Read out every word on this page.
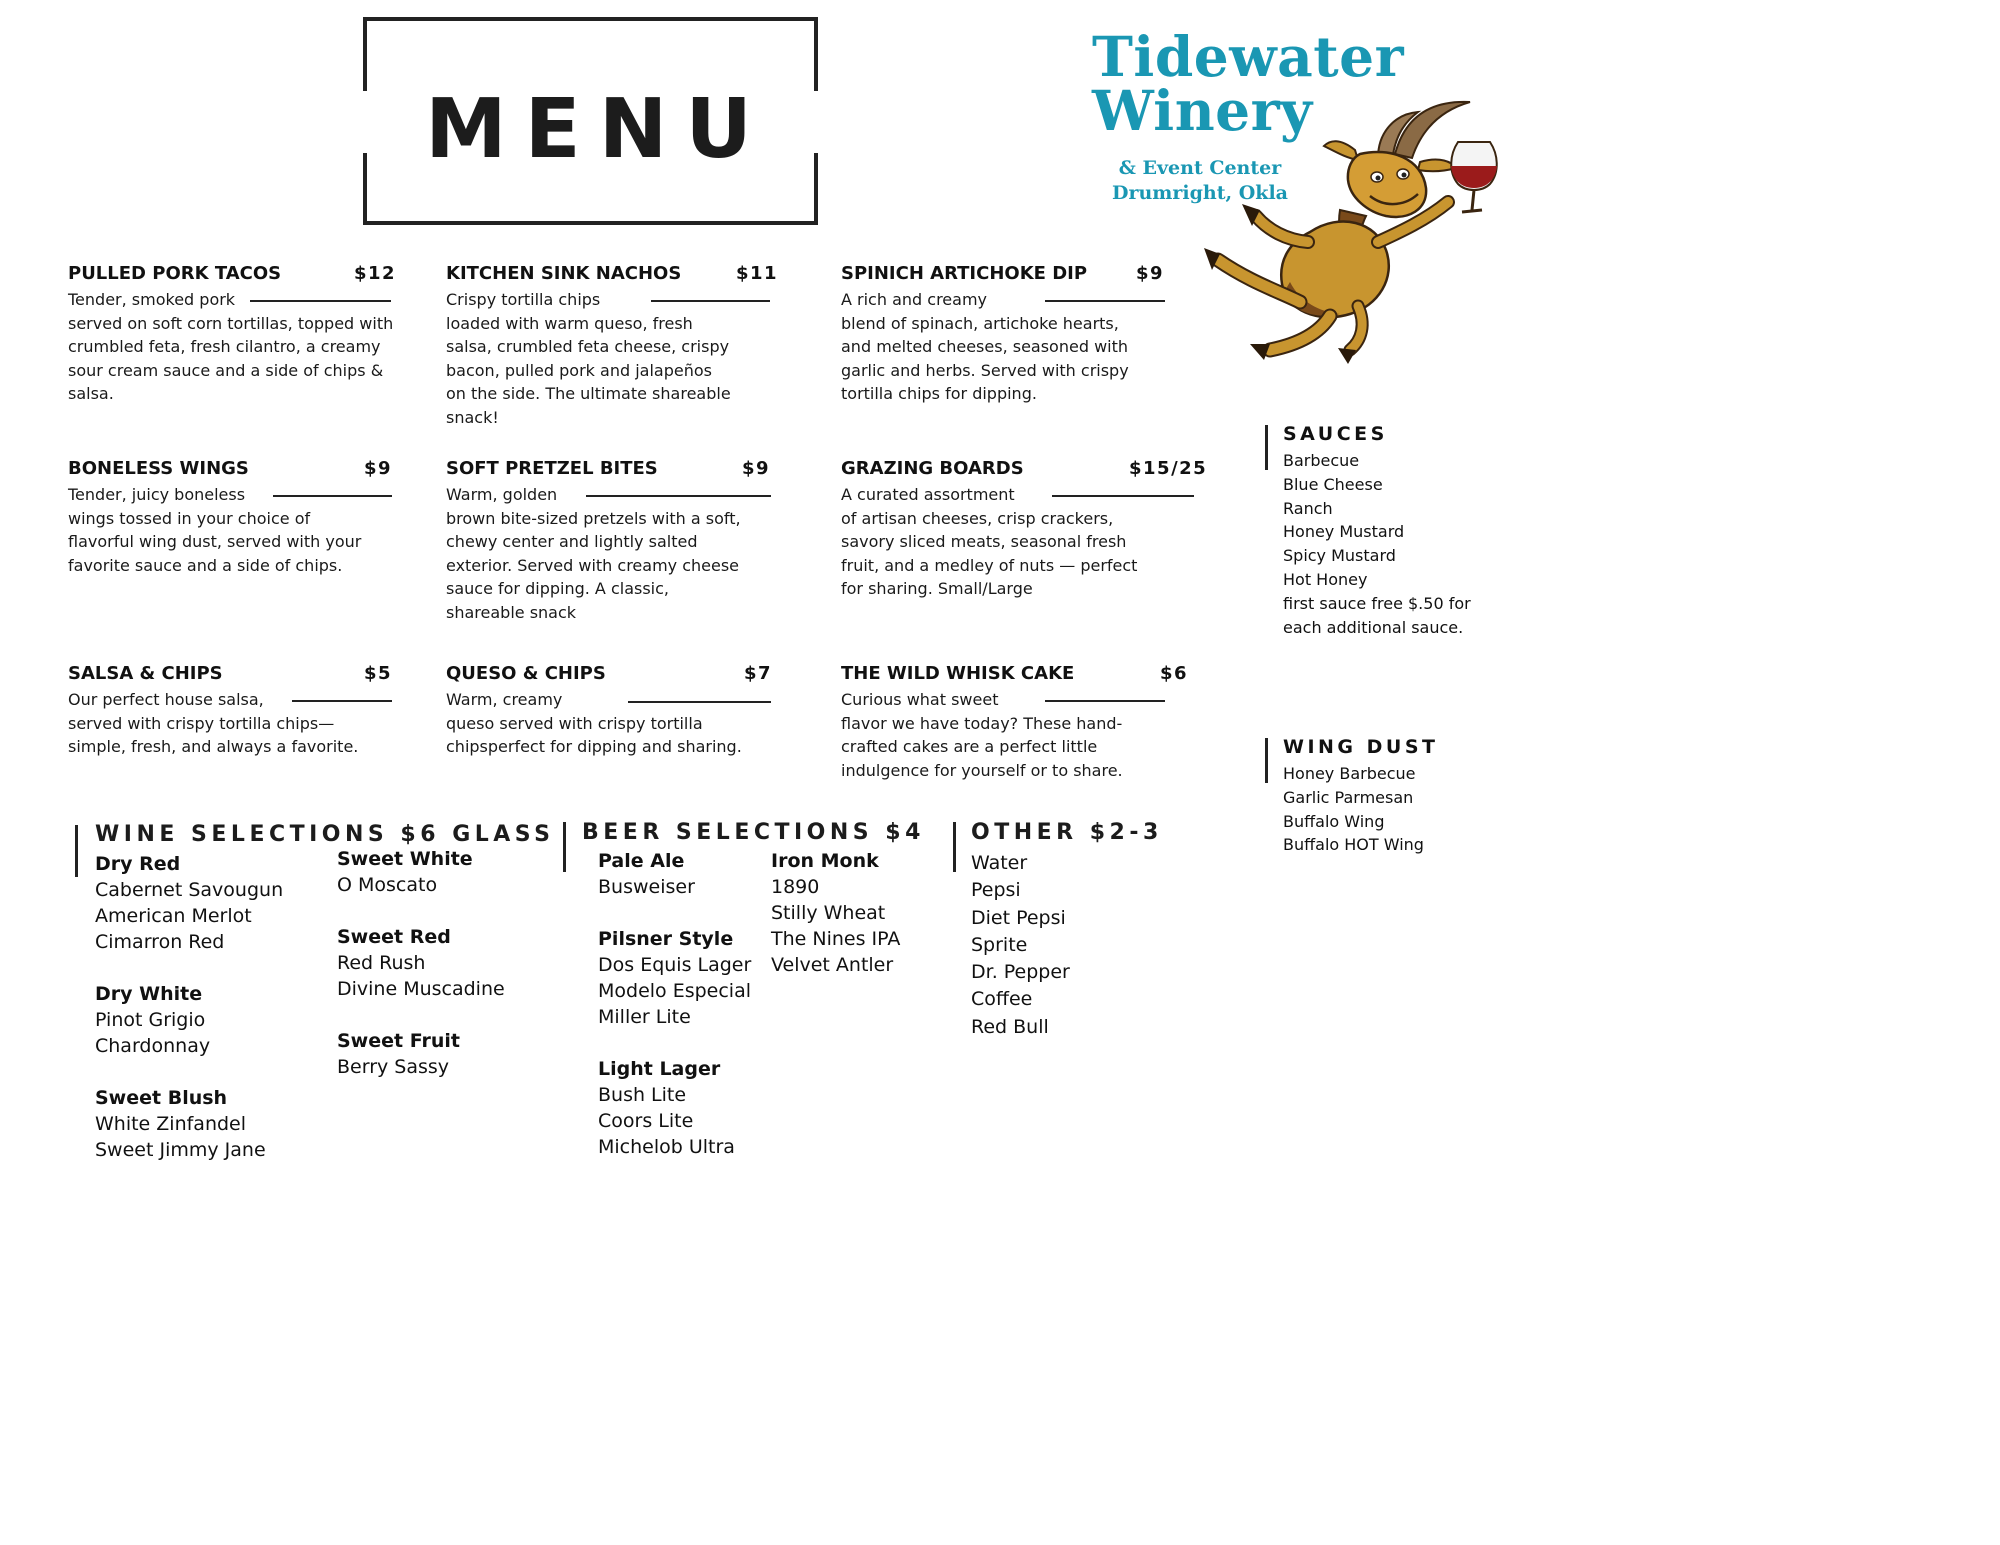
MENU
Tidewater
Winery
& Event Center
Drumright, Okla
PULLED PORK TACOS	$12
Tender, smoked pork
served on soft corn tortillas, topped with
crumbled feta, fresh cilantro, a creamy
sour cream sauce and a side of chips &
salsa.
KITCHEN SINK NACHOS	$11
Crispy tortilla chips
loaded with warm queso, fresh
salsa, crumbled feta cheese, crispy
bacon, pulled pork and jalapeños
on the side. The ultimate shareable
snack!
SPINICH ARTICHOKE DIP	$9
A rich and creamy
blend of spinach, artichoke hearts,
and melted cheeses, seasoned with
garlic and herbs. Served with crispy
tortilla chips for dipping.
BONELESS WINGS	$9
Tender, juicy boneless
wings tossed in your choice of
flavorful wing dust, served with your
favorite sauce and a side of chips.
SOFT PRETZEL BITES	$9
Warm, golden
brown bite-sized pretzels with a soft,
chewy center and lightly salted
exterior. Served with creamy cheese
sauce for dipping. A classic,
shareable snack
GRAZING BOARDS	$15/25
A curated assortment
of artisan cheeses, crisp crackers,
savory sliced meats, seasonal fresh
fruit, and a medley of nuts — perfect
for sharing. Small/Large
SALSA & CHIPS	$5
Our perfect house salsa,
served with crispy tortilla chips—
simple, fresh, and always a favorite.
QUESO & CHIPS	$7
Warm, creamy
queso served with crispy tortilla
chipsperfect for dipping and sharing.
THE WILD WHISK CAKE	$6
Curious what sweet
flavor we have today? These hand-
crafted cakes are a perfect little
indulgence for yourself or to share.
SAUCES
Barbecue
Blue Cheese
Ranch
Honey Mustard
Spicy Mustard
Hot Honey
first sauce free $.50 for
each additional sauce.
WING DUST
Honey Barbecue
Garlic Parmesan
Buffalo Wing
Buffalo HOT Wing
WINE SELECTIONS $6 GLASS
Dry Red
Cabernet Savougun
American Merlot
Cimarron Red
Dry White
Pinot Grigio
Chardonnay
Sweet Blush
White Zinfandel
Sweet Jimmy Jane
Sweet White
O Moscato
Sweet Red
Red Rush
Divine Muscadine
Sweet Fruit
Berry Sassy
BEER SELECTIONS $4
Pale Ale
Busweiser
Pilsner Style
Dos Equis Lager
Modelo Especial
Miller Lite
Light Lager
Bush Lite
Coors Lite
Michelob Ultra
Iron Monk
1890
Stilly Wheat
The Nines IPA
Velvet Antler
OTHER $2-3
Water
Pepsi
Diet Pepsi
Sprite
Dr. Pepper
Coffee
Red Bull
